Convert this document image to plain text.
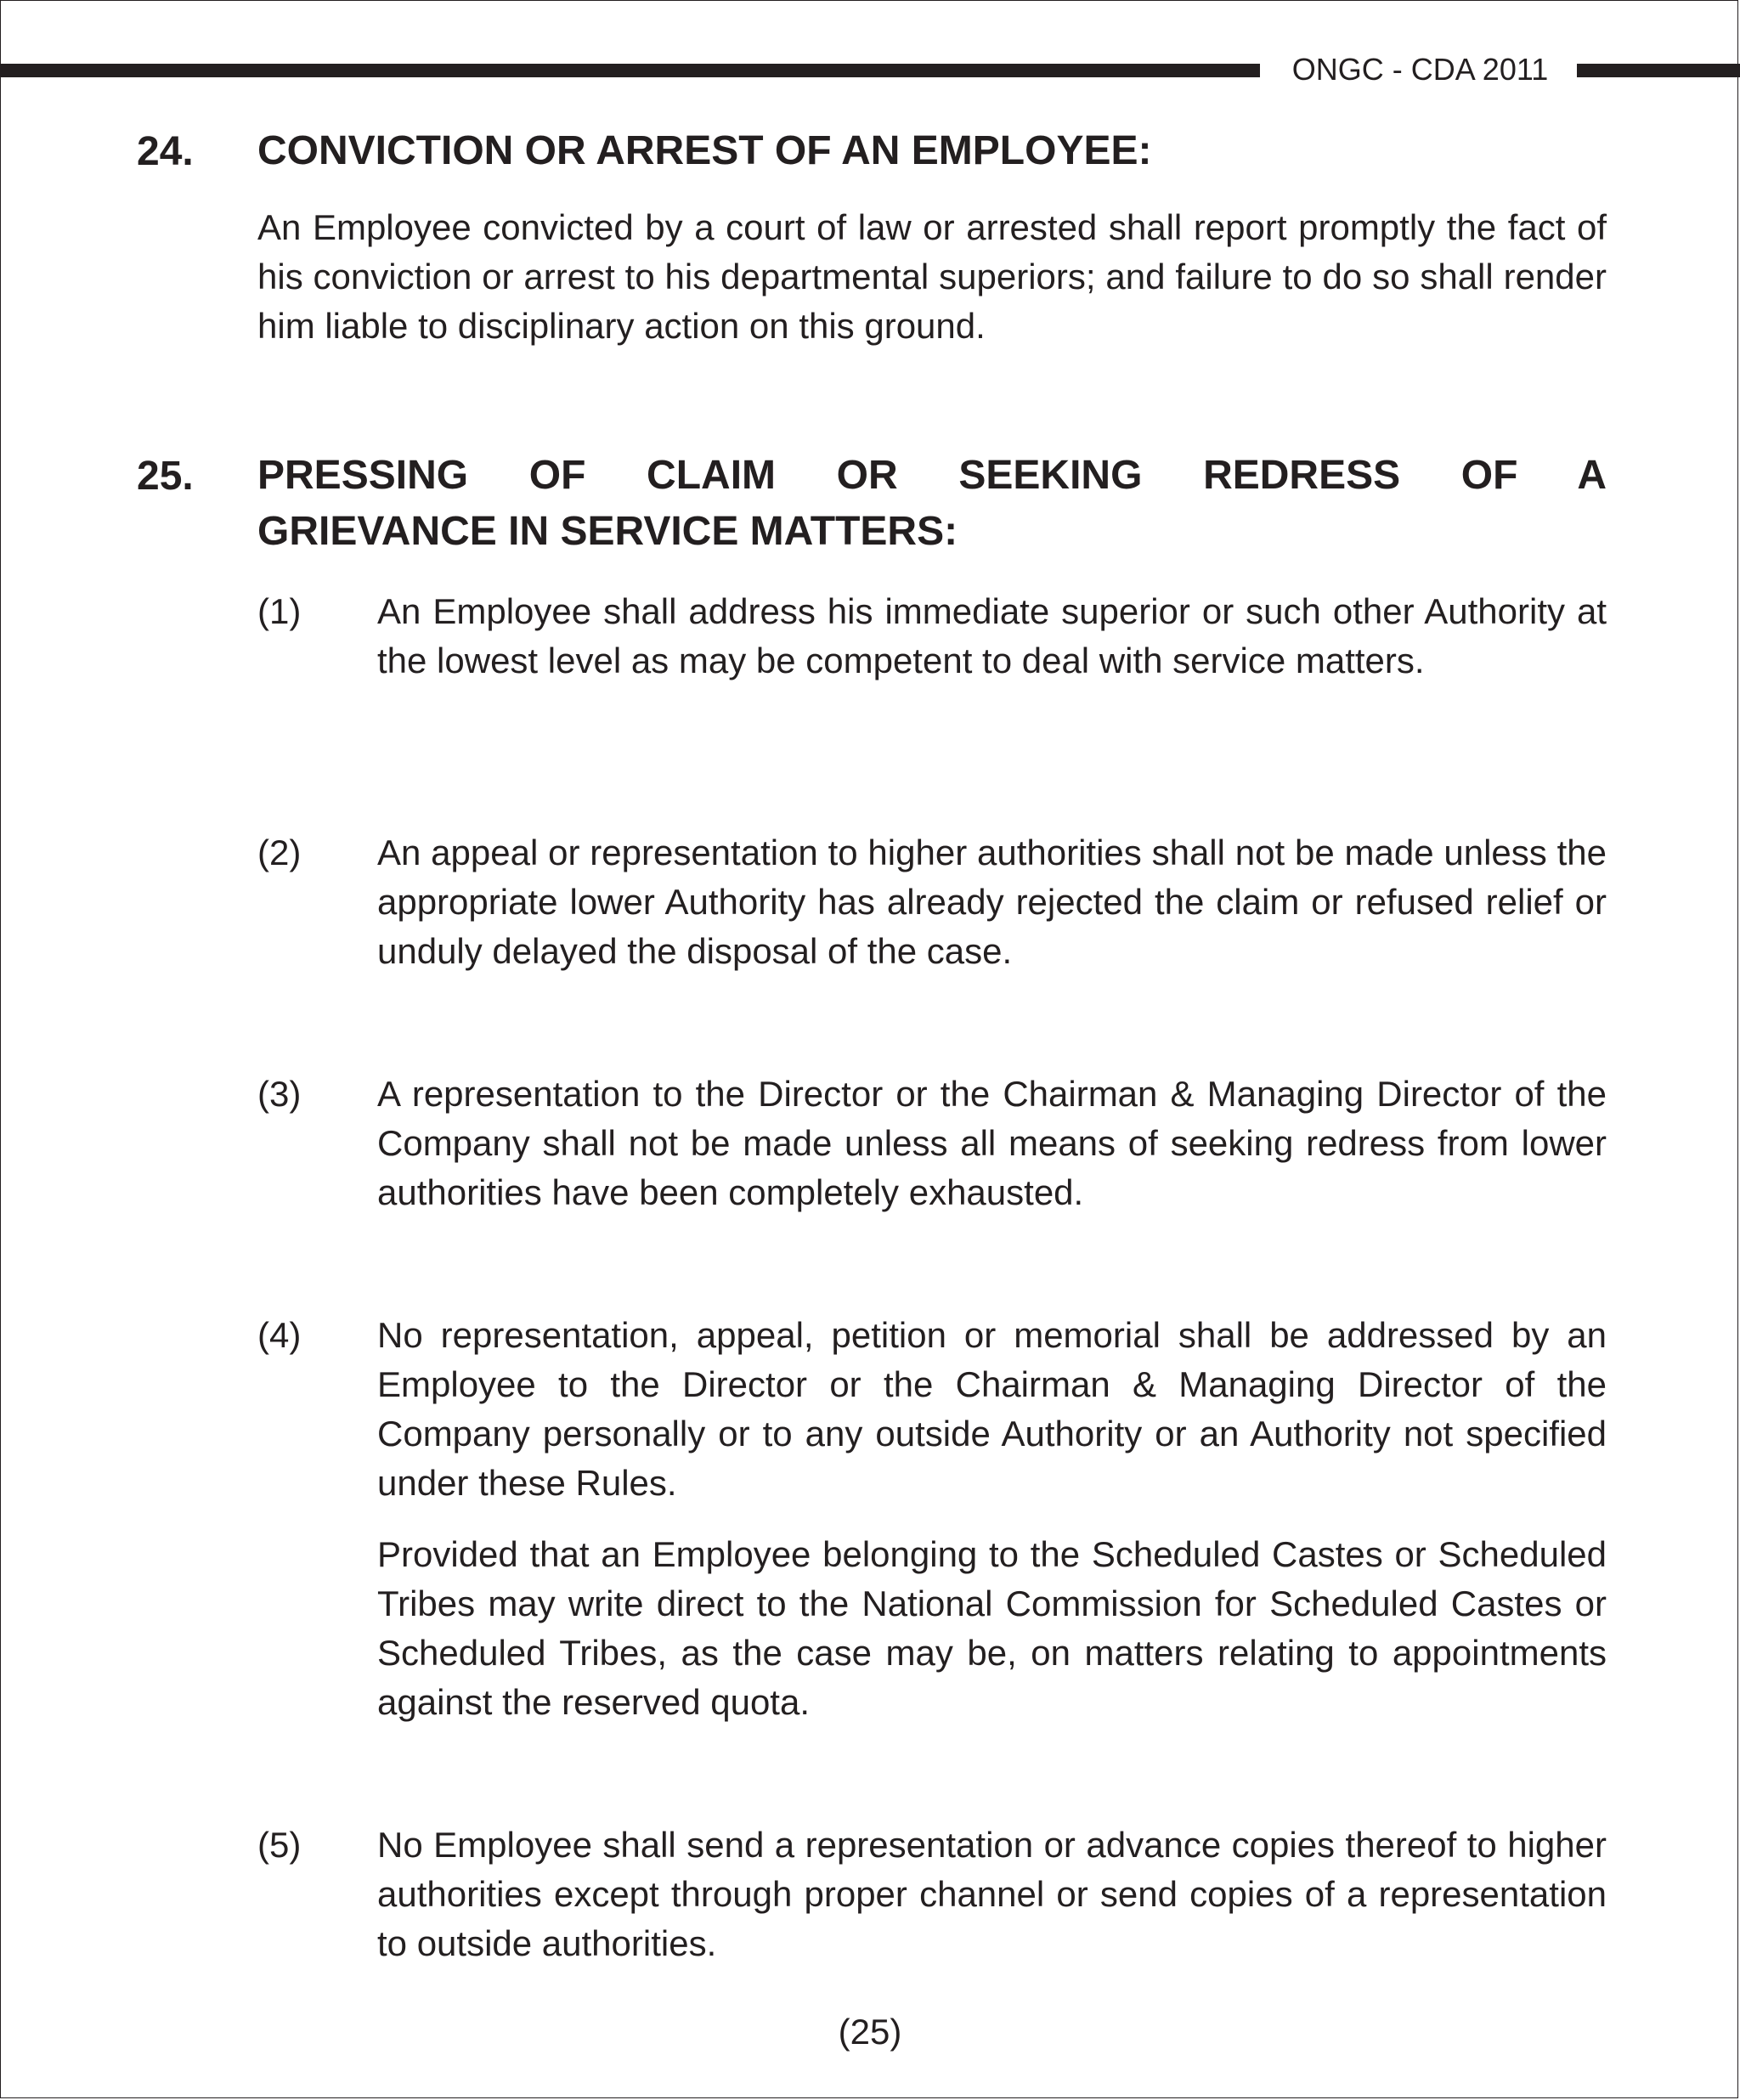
ONGC - CDA 2011
24. CONVICTION OR ARREST OF AN EMPLOYEE:

An Employee convicted by a court of law or arrested shall report promptly the fact of his conviction or arrest to his departmental superiors; and failure to do so shall render him liable to disciplinary action on this ground.

25. PRESSING OF CLAIM OR SEEKING REDRESS OF A
GRIEVANCE IN SERVICE MATTERS:
(1) An Employee shall address his immediate superior or such other Authority at the lowest level as may be competent to deal with service matters.

(2) An appeal or representation to higher authorities shall not be made unless the appropriate lower Authority has already rejected the claim or refused relief or unduly delayed the disposal of the case.

(3) A representation to the Director or the Chairman & Managing Director of the Company shall not be made unless all means of seeking redress from lower authorities have been completely exhausted.

(4) No representation, appeal, petition or memorial shall be addressed by an Employee to the Director or the Chairman & Managing Director of the Company personally or to any outside Authority or an Authority not specified under these Rules.

Provided that an Employee belonging to the Scheduled Castes or Scheduled Tribes may write direct to the National Commission for Scheduled Castes or Scheduled Tribes, as the case may be, on matters relating to appointments against the reserved quota.

(5) No Employee shall send a representation or advance copies thereof to higher authorities except through proper channel or send copies of a representation to outside authorities.

(25)
